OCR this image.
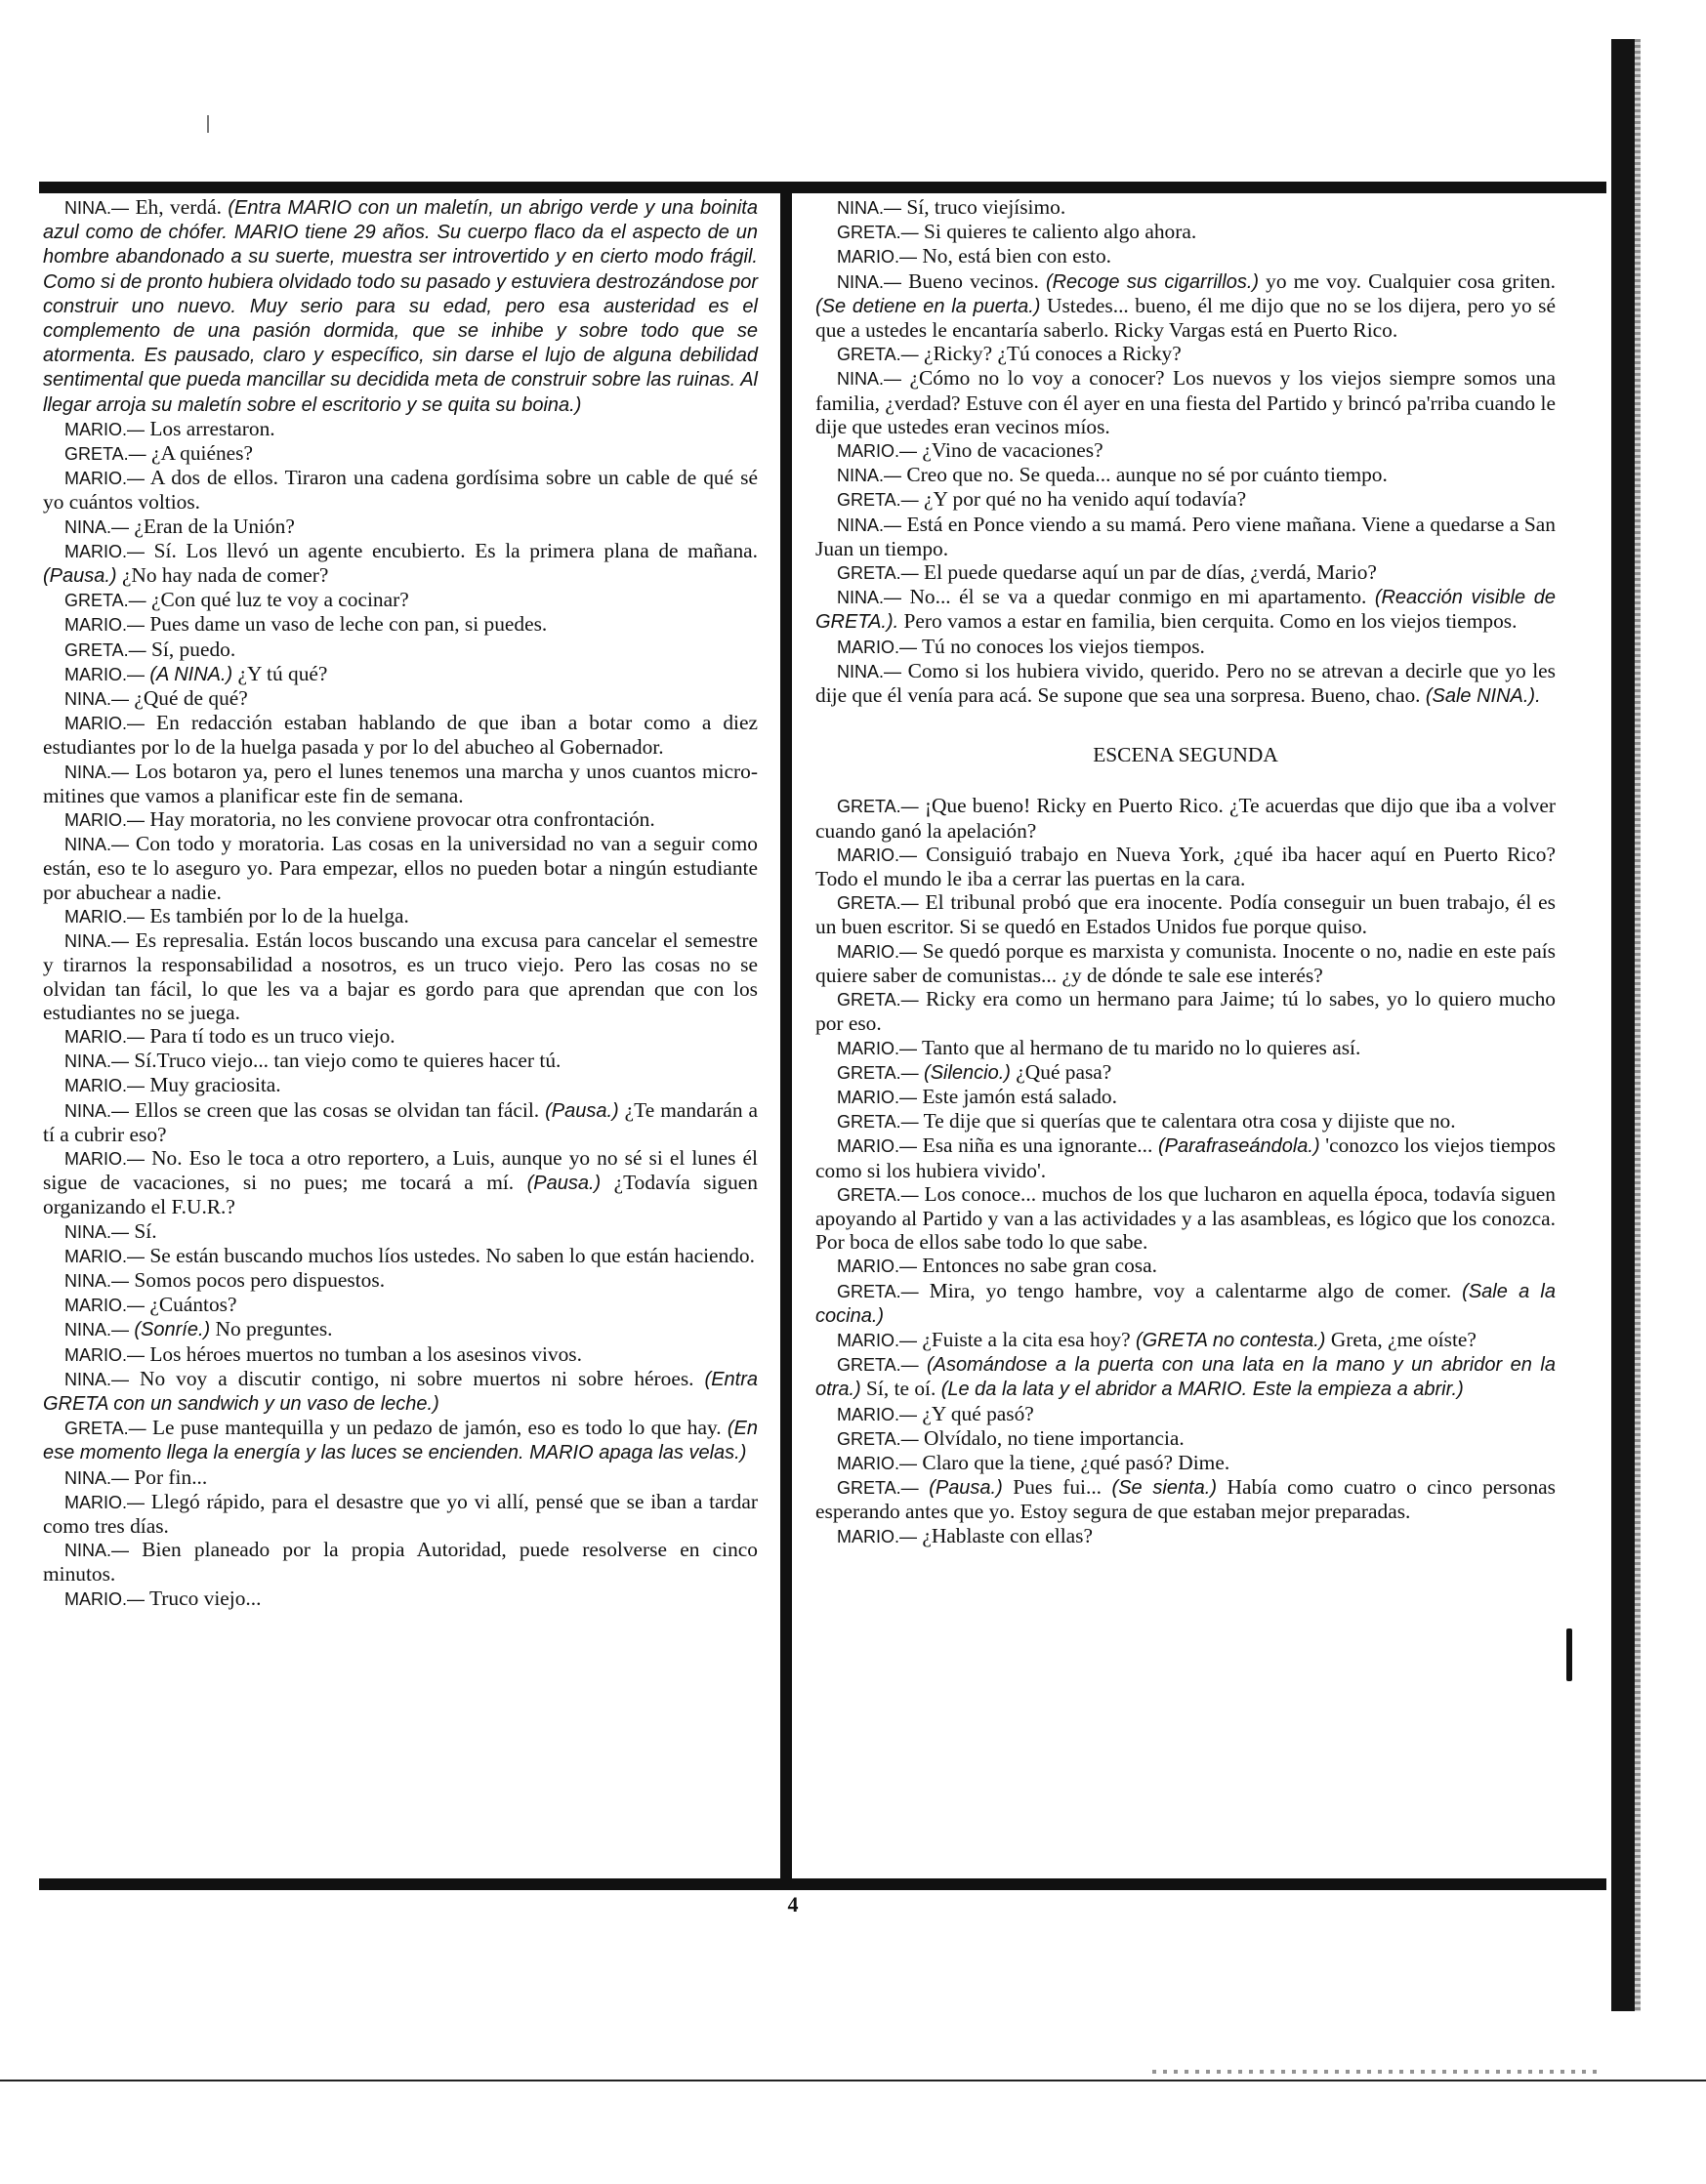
NINA.— Eh, verdá. (Entra MARIO con un maletín, un abrigo verde y una boinita azul como de chófer. MARIO tiene 29 años. Su cuerpo flaco da el aspecto de un hombre abandonado a su suerte, muestra ser introvertido y en cierto modo frágil. Como si de pronto hubiera olvidado todo su pasado y estuviera destrozándose por construir uno nuevo. Muy serio para su edad, pero esa austeridad es el complemento de una pasión dormida, que se inhibe y sobre todo que se atormenta. Es pausado, claro y específico, sin darse el lujo de alguna debilidad sentimental que pueda mancillar su decidida meta de construir sobre las ruinas. Al llegar arroja su maletín sobre el escritorio y se quita su boina.)

MARIO.— Los arrestaron.

GRETA.— ¿A quiénes?

MARIO.— A dos de ellos. Tiraron una cadena gordísima sobre un cable de qué sé yo cuántos voltios.

NINA.— ¿Eran de la Unión?

MARIO.— Sí. Los llevó un agente encubierto. Es la primera plana de mañana. (Pausa.) ¿No hay nada de comer?

GRETA.— ¿Con qué luz te voy a cocinar?

MARIO.— Pues dame un vaso de leche con pan, si puedes.

GRETA.— Sí, puedo.

MARIO.— (A NINA.) ¿Y tú qué?

NINA.— ¿Qué de qué?

MARIO.— En redacción estaban hablando de que iban a botar como a diez estudiantes por lo de la huelga pasada y por lo del abucheo al Gobernador.

NINA.— Los botaron ya, pero el lunes tenemos una marcha y unos cuantos micro-mitines que vamos a planificar este fin de semana.

MARIO.— Hay moratoria, no les conviene provocar otra confrontación.

NINA.— Con todo y moratoria. Las cosas en la universidad no van a seguir como están, eso te lo aseguro yo. Para empezar, ellos no pueden botar a ningún estudiante por abuchear a nadie.

MARIO.— Es también por lo de la huelga.

NINA.— Es represalia. Están locos buscando una excusa para cancelar el semestre y tirarnos la responsabilidad a nosotros, es un truco viejo. Pero las cosas no se olvidan tan fácil, lo que les va a bajar es gordo para que aprendan que con los estudiantes no se juega.

MARIO.— Para tí todo es un truco viejo.

NINA.— Sí.Truco viejo... tan viejo como te quieres hacer tú.

MARIO.— Muy graciosita.

NINA.— Ellos se creen que las cosas se olvidan tan fácil. (Pausa.) ¿Te mandarán a tí a cubrir eso?

MARIO.— No. Eso le toca a otro reportero, a Luis, aunque yo no sé si el lunes él sigue de vacaciones, si no pues; me tocará a mí. (Pausa.) ¿Todavía siguen organizando el F.U.R.?

NINA.— Sí.

MARIO.— Se están buscando muchos líos ustedes. No saben lo que están haciendo.

NINA.— Somos pocos pero dispuestos.

MARIO.— ¿Cuántos?

NINA.— (Sonríe.) No preguntes.

MARIO.— Los héroes muertos no tumban a los asesinos vivos.

NINA.— No voy a discutir contigo, ni sobre muertos ni sobre héroes. (Entra GRETA con un sandwich y un vaso de leche.)

GRETA.— Le puse mantequilla y un pedazo de jamón, eso es todo lo que hay. (En ese momento llega la energía y las luces se encienden. MARIO apaga las velas.)

NINA.— Por fin...

MARIO.— Llegó rápido, para el desastre que yo vi allí, pensé que se iban a tardar como tres días.

NINA.— Bien planeado por la propia Autoridad, puede resolverse en cinco minutos.

MARIO.— Truco viejo...

NINA.— Sí, truco viejísimo.

GRETA.— Si quieres te caliento algo ahora.

MARIO.— No, está bien con esto.

NINA.— Bueno vecinos. (Recoge sus cigarrillos.) yo me voy. Cualquier cosa griten. (Se detiene en la puerta.) Ustedes... bueno, él me dijo que no se los dijera, pero yo sé que a ustedes le encantaría saberlo. Ricky Vargas está en Puerto Rico.

GRETA.— ¿Ricky? ¿Tú conoces a Ricky?

NINA.— ¿Cómo no lo voy a conocer? Los nuevos y los viejos siempre somos una familia, ¿verdad? Estuve con él ayer en una fiesta del Partido y brincó pa'rriba cuando le dije que ustedes eran vecinos míos.

MARIO.— ¿Vino de vacaciones?

NINA.— Creo que no. Se queda... aunque no sé por cuánto tiempo.

GRETA.— ¿Y por qué no ha venido aquí todavía?

NINA.— Está en Ponce viendo a su mamá. Pero viene mañana. Viene a quedarse a San Juan un tiempo.

GRETA.— El puede quedarse aquí un par de días, ¿verdá, Mario?

NINA.— No... él se va a quedar conmigo en mi apartamento. (Reacción visible de GRETA.). Pero vamos a estar en familia, bien cerquita. Como en los viejos tiempos.

MARIO.— Tú no conoces los viejos tiempos.

NINA.— Como si los hubiera vivido, querido. Pero no se atrevan a decirle que yo les dije que él venía para acá. Se supone que sea una sorpresa. Bueno, chao. (Sale NINA.).

ESCENA SEGUNDA

GRETA.— ¡Que bueno! Ricky en Puerto Rico. ¿Te acuerdas que dijo que iba a volver cuando ganó la apelación?

MARIO.— Consiguió trabajo en Nueva York, ¿qué iba hacer aquí en Puerto Rico? Todo el mundo le iba a cerrar las puertas en la cara.

GRETA.— El tribunal probó que era inocente. Podía conseguir un buen trabajo, él es un buen escritor. Si se quedó en Estados Unidos fue porque quiso.

MARIO.— Se quedó porque es marxista y comunista. Inocente o no, nadie en este país quiere saber de comunistas... ¿y de dónde te sale ese interés?

GRETA.— Ricky era como un hermano para Jaime; tú lo sabes, yo lo quiero mucho por eso.

MARIO.— Tanto que al hermano de tu marido no lo quieres así.

GRETA.— (Silencio.) ¿Qué pasa?

MARIO.— Este jamón está salado.

GRETA.— Te dije que si querías que te calentara otra cosa y dijiste que no.

MARIO.— Esa niña es una ignorante... (Parafraseándola.) 'conozco los viejos tiempos como si los hubiera vivido'.

GRETA.— Los conoce... muchos de los que lucharon en aquella época, todavía siguen apoyando al Partido y van a las actividades y a las asambleas, es lógico que los conozca. Por boca de ellos sabe todo lo que sabe.

MARIO.— Entonces no sabe gran cosa.

GRETA.— Mira, yo tengo hambre, voy a calentarme algo de comer. (Sale a la cocina.)

MARIO.— ¿Fuiste a la cita esa hoy? (GRETA no contesta.) Greta, ¿me oíste?

GRETA.— (Asomándose a la puerta con una lata en la mano y un abridor en la otra.) Sí, te oí. (Le da la lata y el abridor a MARIO. Este la empieza a abrir.)

MARIO.— ¿Y qué pasó?

GRETA.— Olvídalo, no tiene importancia.

MARIO.— Claro que la tiene, ¿qué pasó? Dime.

GRETA.— (Pausa.) Pues fui... (Se sienta.) Había como cuatro o cinco personas esperando antes que yo. Estoy segura de que estaban mejor preparadas.

MARIO.— ¿Hablaste con ellas?

4
